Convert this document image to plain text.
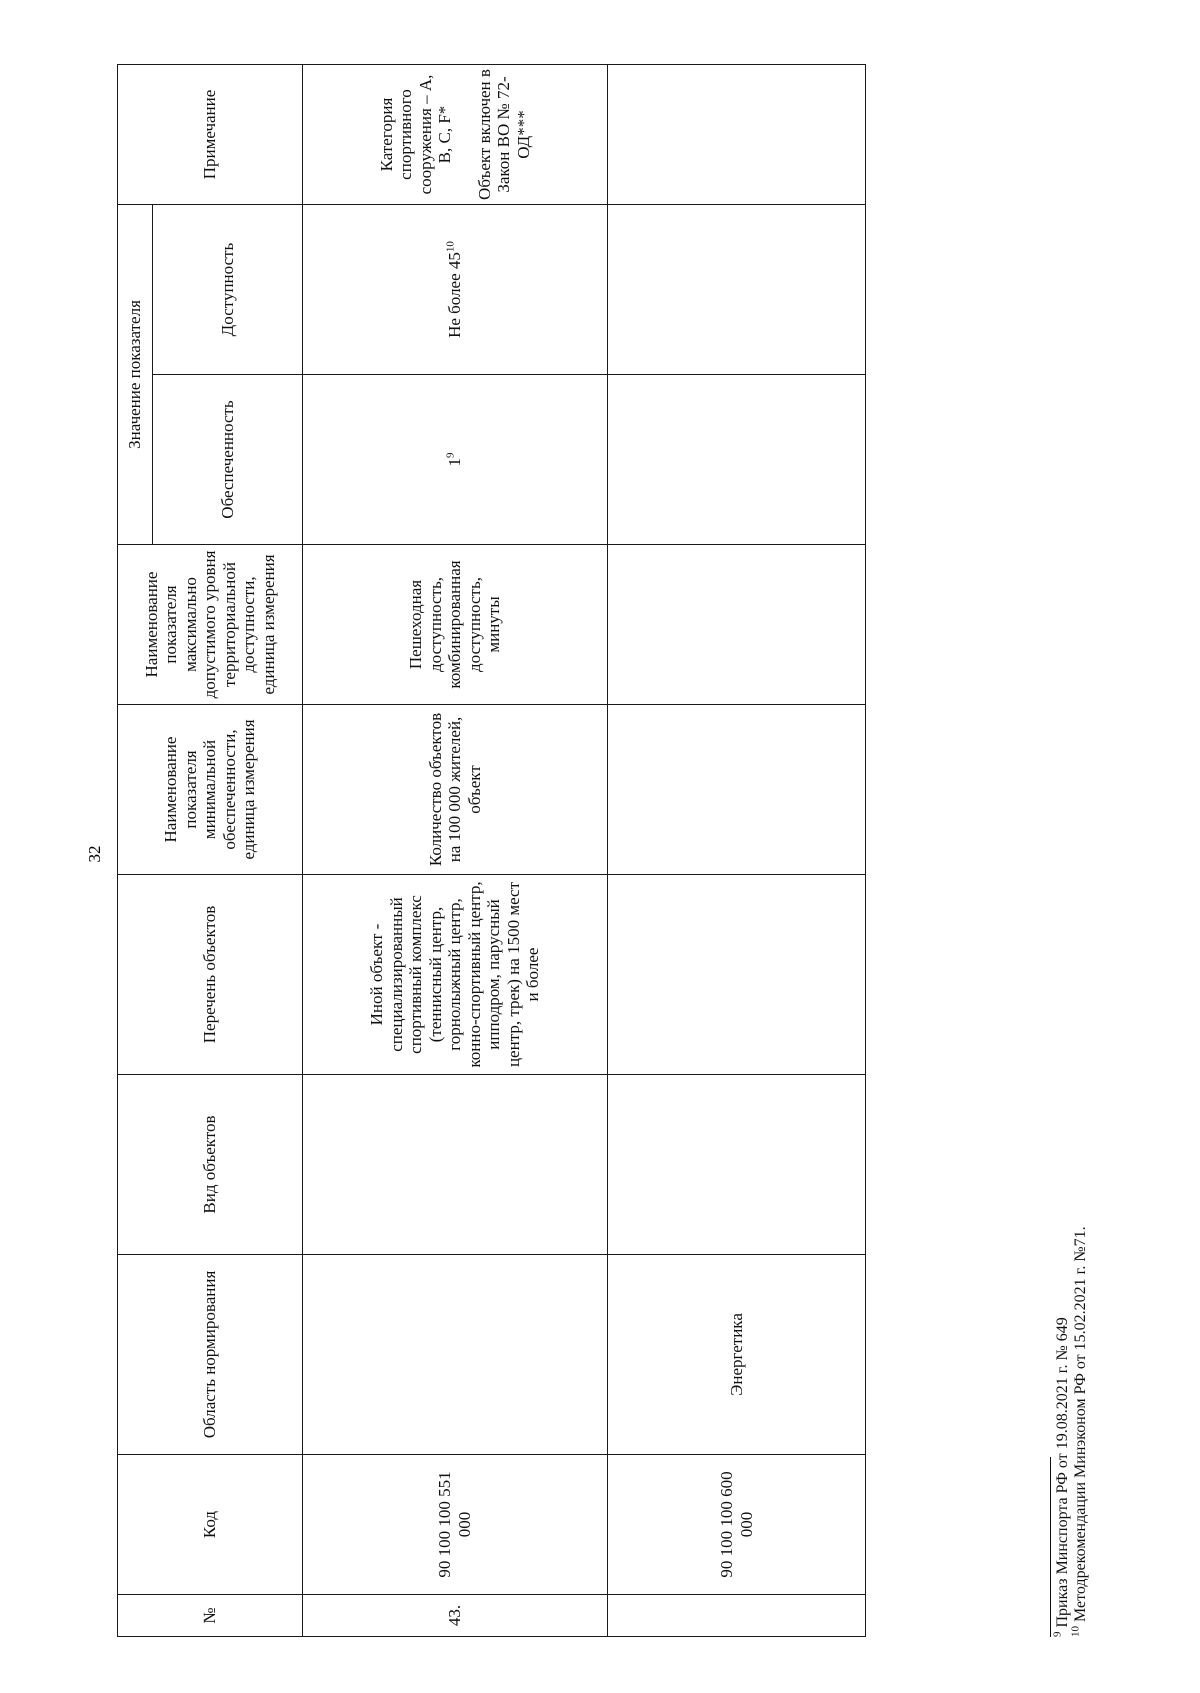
32
№	Код	Область нормирования	Вид объектов	Перечень объектов	Наименование показателя минимальной обеспеченности, единица измерения	Наименование показателя максимально допустимого уровня территориальной доступности, единица измерения	Значение показателя		Примечание
							Обеспеченность	Доступность	
43.	90 100 100 551 000			Иной объект - специализированный спортивный комплекс (теннисный центр, горнолыжный центр, конно-спортивный центр, ипподром, парусный центр, трек) на 1500 мест и более	Количество объектов на 100 000 жителей, объект	Пешеходная доступность, комбинированная доступность, минуты	$1^9$	Не более $45^{10}$	Категория спортивного сооружения – А, В, С, F* Объект включен в Закон ВО № 72-ОД***

	90 100 100 600 000	Энергетика							
$^9$ Приказ Минспорта РФ от 19.08.2021 г. № 649
$^{10}$ Методрекомендации Минэконом РФ от 15.02.2021 г. №71.
